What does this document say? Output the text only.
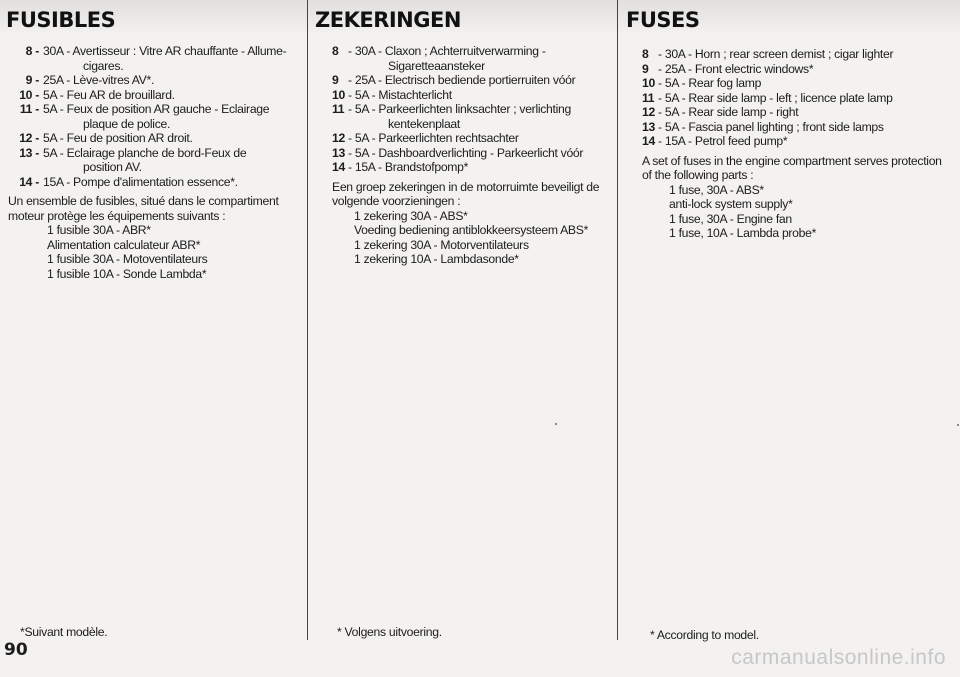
FUSIBLES
8 - 30A - Avertisseur : Vitre AR chauffante - Allume-
cigares.
9 - 25A - Lève-vitres AV*.
10 - 5A - Feu AR de brouillard.
11 - 5A - Feux de position AR gauche - Eclairage
plaque de police.
12 - 5A - Feu de position AR droit.
13 - 5A - Eclairage planche de bord-Feux de
position AV.
14 - 15A - Pompe d'alimentation essence*.
Un ensemble de fusibles, situé dans le compartiment moteur protège les équipements suivants :
1 fusible 30A - ABR*
Alimentation calculateur ABR*
1 fusible 30A - Motoventilateurs
1 fusible 10A - Sonde Lambda*
*Suivant modèle.
ZEKERINGEN
8 - 30A - Claxon ; Achterruitverwarming -
Sigaretteaansteker
9 - 25A - Electrisch bediende portierruiten vóór
10 - 5A - Mistachterlicht
11 - 5A - Parkeerlichten linksachter ; verlichting
kentekenplaat
12 - 5A - Parkeerlichten rechtsachter
13 - 5A - Dashboardverlichting - Parkeerlicht vóór
14 - 15A - Brandstofpomp*
Een groep zekeringen in de motorruimte beveiligt de volgende voorzieningen :
1 zekering 30A - ABS*
Voeding bediening antiblokkeersysteem ABS*
1 zekering 30A - Motorventilateurs
1 zekering 10A - Lambdasonde*
* Volgens uitvoering.
FUSES
8 - 30A - Horn ; rear screen demist ; cigar lighter
9 - 25A - Front electric windows*
10 - 5A - Rear fog lamp
11 - 5A - Rear side lamp - left ; licence plate lamp
12 - 5A - Rear side lamp - right
13 - 5A - Fascia panel lighting ; front side lamps
14 - 15A - Petrol feed pump*
A set of fuses in the engine compartment serves protection of the following parts :
1 fuse, 30A - ABS*
anti-lock system supply*
1 fuse, 30A - Engine fan
1 fuse, 10A - Lambda probe*
* According to model.
90	carmanualsonline.info
